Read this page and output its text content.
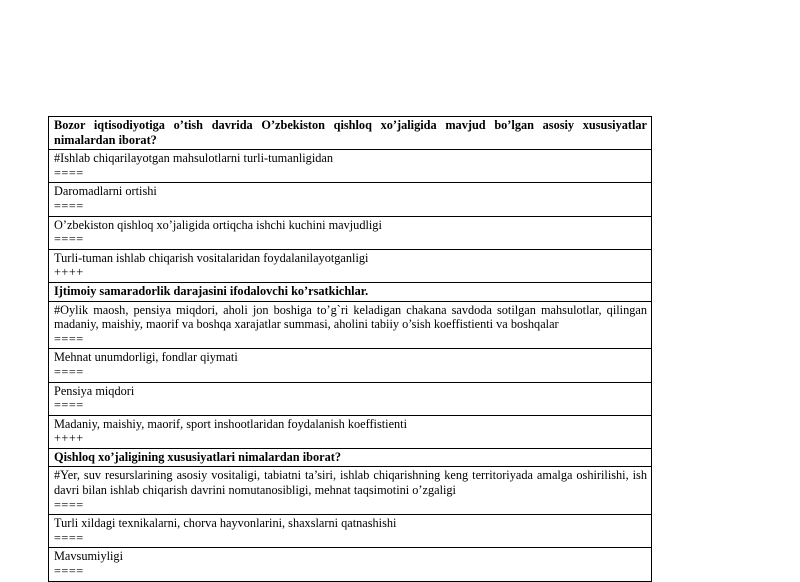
Bozor iqtisodiyotiga o’tish davrida O’zbekiston qishloq xo’jaligida mavjud bo’lgan asosiy xususiyatlar nimalardan iborat?
#Ishlab chiqarilayotgan mahsulotlarni turli-tumanligidan
====
Daromadlarni ortishi
====
O’zbekiston qishloq xo’jaligida ortiqcha ishchi kuchini mavjudligi
====
Turli-tuman ishlab chiqarish vositalaridan foydalanilayotganligi
++++
Ijtimoiy samaradorlik darajasini ifodalovchi ko’rsatkichlar.
#Oylik maosh, pensiya miqdori, aholi jon boshiga to’g`ri keladigan chakana savdoda sotilgan mahsulotlar, qilingan madaniy, maishiy, maorif va boshqa xarajatlar summasi, aholini tabiiy o’sish koeffistienti va boshqalar
====
Mehnat unumdorligi, fondlar qiymati
====
Pensiya miqdori
====
Madaniy, maishiy, maorif, sport inshootlaridan foydalanish koeffistienti
++++
Qishloq xo’jaligining xususiyatlari nimalardan iborat?
#Yer, suv resurslarining asosiy vositaligi, tabiatni ta’siri, ishlab chiqarishning keng territoriyada amalga oshirilishi, ish davri bilan ishlab chiqarish davrini nomutanosibligi, mehnat taqsimotini o’zgaligi
====
Turli xildagi texnikalarni, chorva hayvonlarini, shaxslarni qatnashishi
====
Mavsumiyligi
====
